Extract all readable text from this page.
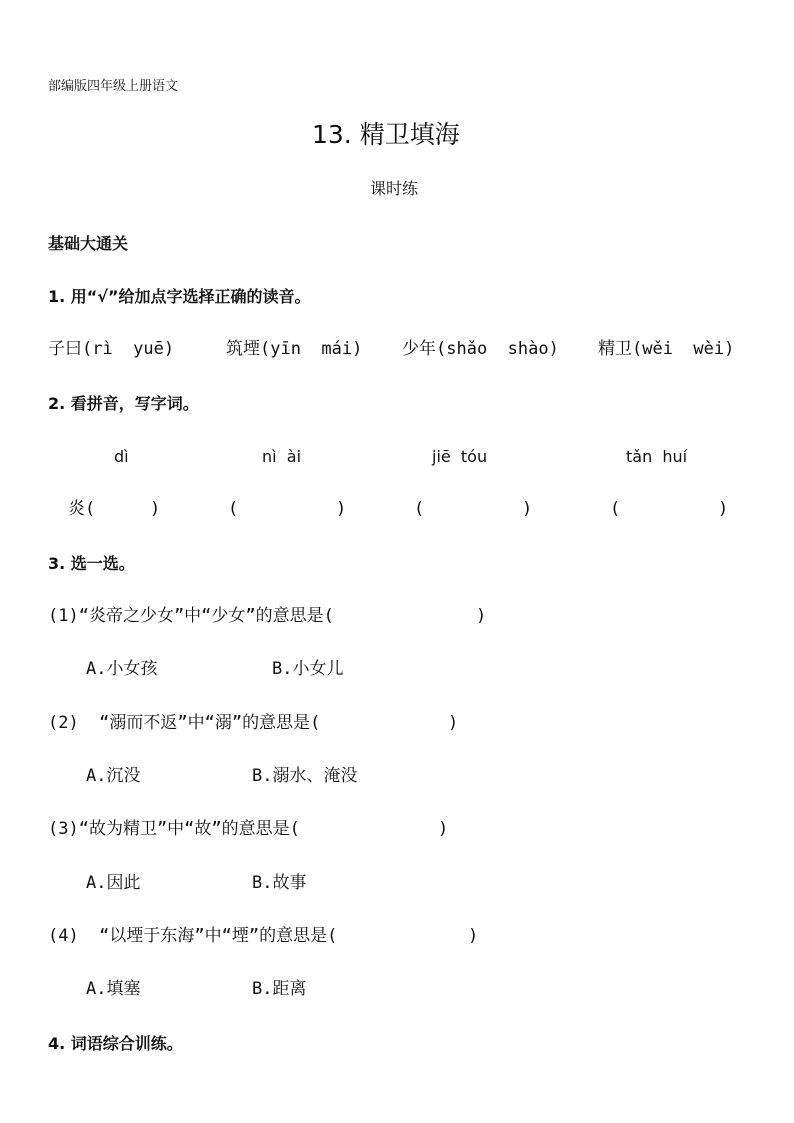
部编版四年级上册语文
13. 精卫填海
课时练
基础大通关
1. 用“√”给加点字选择正确的读音。
子曰(rì  yuē)	筑堙(yīn  mái) 少年(shǎo  shào) 精卫(wěi  wèi)
2. 看拼音，写字词。
dì	nì  ài	jiē  tóu	tǎn  huí
炎(	)	(	)	(	)	(	)
3. 选一选。
(1)“炎帝之少女”中“少女”的意思是(	)
A.小女孩	B.小女儿
(2)  “溺而不返”中“溺”的意思是(	)
A.沉没	B.溺水、淹没
(3)“故为精卫”中“故”的意思是(	)
A.因此	B.故事
(4)  “以堙于东海”中“堙”的意思是(	)
A.填塞	B.距离
4. 词语综合训练。
